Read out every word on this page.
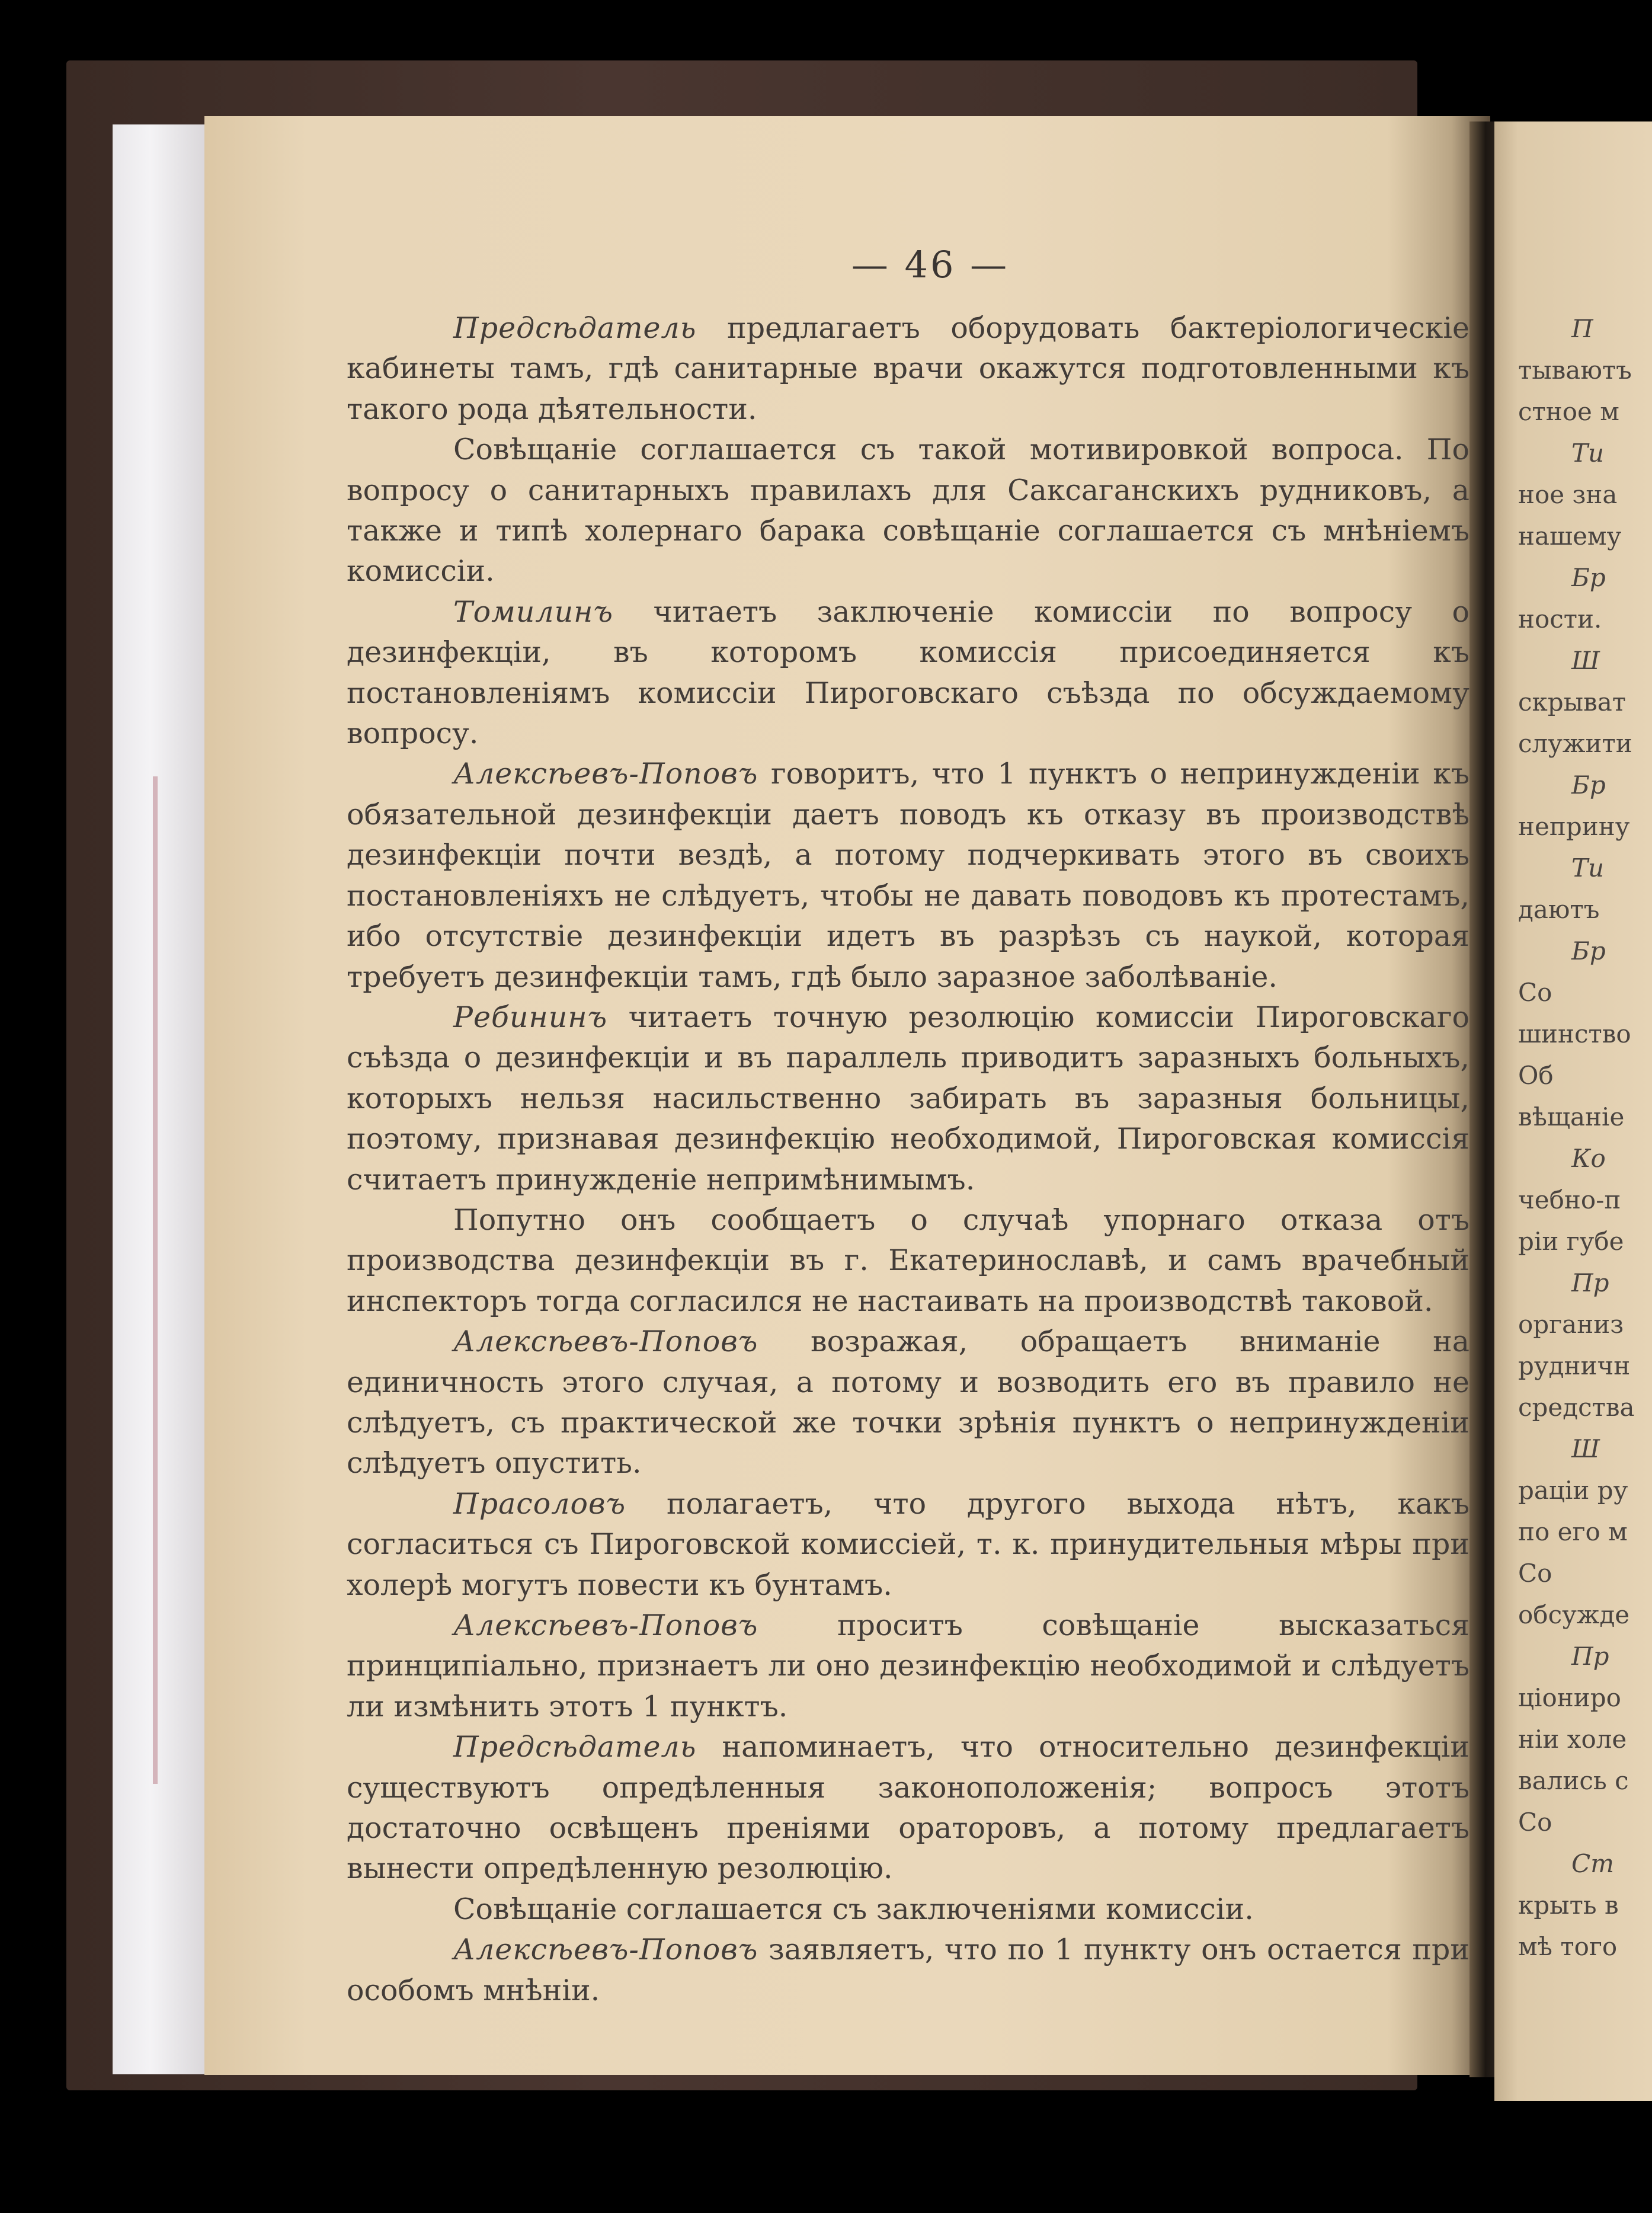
— 46 —

Предсѣдатель предлагаетъ оборудовать бактеріологическіе кабинеты тамъ, гдѣ санитарные врачи окажутся подготовленными къ такого рода дѣятельности.

Совѣщаніе соглашается съ такой мотивировкой вопроса. По вопросу о санитарныхъ правилахъ для Саксаганскихъ рудниковъ, а также и типѣ холернаго барака совѣщаніе соглашается съ мнѣніемъ комиссіи.

Томилинъ читаетъ заключеніе комиссіи по вопросу о дезинфекціи, въ которомъ комиссія присоединяется къ постановленіямъ комиссіи Пироговскаго съѣзда по обсуждаемому вопросу.

Алексѣевъ-Поповъ говоритъ, что 1 пунктъ о непринужденіи къ обязательной дезинфекціи даетъ поводъ къ отказу въ производствѣ дезинфекціи почти вездѣ, а потому подчеркивать этого въ своихъ постановленіяхъ не слѣдуетъ, чтобы не давать поводовъ къ протестамъ, ибо отсутствіе дезинфекціи идетъ въ разрѣзъ съ наукой, которая требуетъ дезинфекціи тамъ, гдѣ было заразное заболѣваніе.

Ребининъ читаетъ точную резолюцію комиссіи Пироговскаго съѣзда о дезинфекціи и въ параллель приводитъ заразныхъ больныхъ, которыхъ нельзя насильственно забирать въ заразныя больницы, поэтому, признавая дезинфекцію необходимой, Пироговская комиссія считаетъ принужденіе непримѣнимымъ.

Попутно онъ сообщаетъ о случаѣ упорнаго отказа отъ производства дезинфекціи въ г. Екатеринославѣ, и самъ врачебный инспекторъ тогда согласился не настаивать на производствѣ таковой.

Алексѣевъ-Поповъ возражая, обращаетъ вниманіе на единичность этого случая, а потому и возводить его въ правило не слѣдуетъ, съ практической же точки зрѣнія пунктъ о непринужденіи слѣдуетъ опустить.

Прасоловъ полагаетъ, что другого выхода нѣтъ, какъ согласиться съ Пироговской комиссіей, т. к. принудительныя мѣры при холерѣ могутъ повести къ бунтамъ.

Алексѣевъ-Поповъ проситъ совѣщаніе высказаться принципіально, признаетъ ли оно дезинфекцію необходимой и слѣдуетъ ли измѣнить этотъ 1 пунктъ.

Предсѣдатель напоминаетъ, что относительно дезинфекціи существуютъ опредѣленныя законоположенія; вопросъ этотъ достаточно освѣщенъ преніями ораторовъ, а потому предлагаетъ вынести опредѣленную резолюцію.

Совѣщаніе соглашается съ заключеніями комиссіи.

Алексѣевъ-Поповъ заявляетъ, что по 1 пункту онъ остается при особомъ мнѣніи.

П
тываютъ
стное м
Ти
ное зна
нашему
Бр
ности.
Ш
скрыват
служити
Бр
неприну
Ти
даютъ
Бр
Со
шинство
Об
вѣщаніе
Ко
чебно-п
ріи губе
Пр
организ
рудничн
средства
Ш
раціи ру
по его м
Со
обсужде
Пр
ціониро
ніи холе
вались с
Со
Ст
крыть в
мѣ того
